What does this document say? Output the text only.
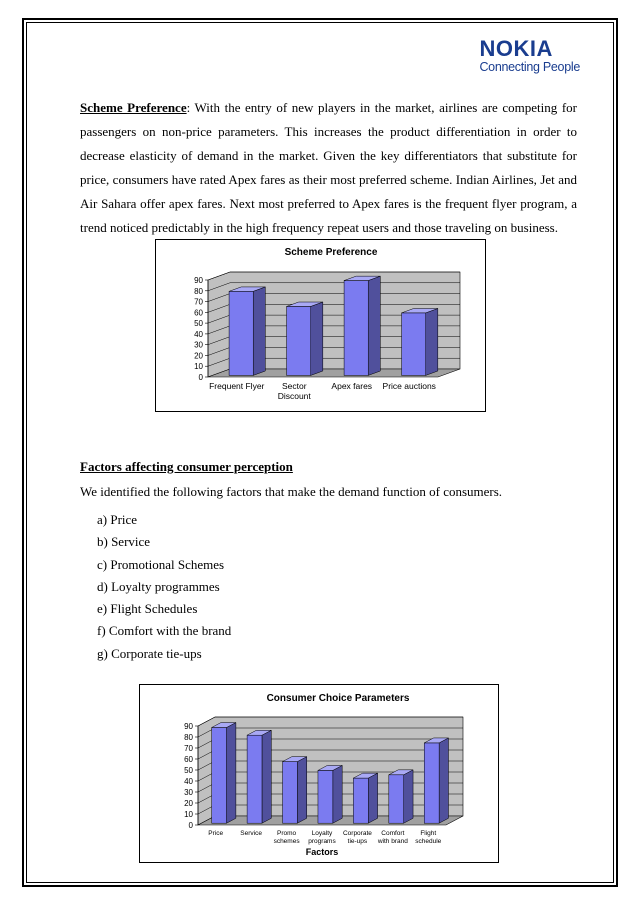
NOKIA
Connecting People
Scheme Preference: With the entry of new players in the market, airlines are competing for passengers on non-price parameters. This increases the product differentiation in order to decrease elasticity of demand in the market. Given the key differentiators that substitute for price, consumers have rated Apex fares as their most preferred scheme. Indian Airlines, Jet and Air Sahara offer apex fares. Next most preferred to Apex fares is the frequent flyer program, a trend noticed predictably in the high frequency repeat users and those traveling on business.
Scheme Preference
0
10
20
30
40
50
60
70
80
90
Frequent Flyer	Sector Discount
Apex fares Price auctions
Factors affecting consumer perception
We identified the following factors that make the demand function of consumers.
a) Price
b) Service
c) Promotional Schemes
d) Loyalty programmes
e) Flight Schedules
f) Comfort with the brand
g) Corporate tie-ups
Consumer Choice Parameters
0
10
20
30
40
50
60
70
80
90
Price	Service	Promo schemes
Loyalty programs
Corporate tie-ups
Comfort with brand
Flight schedule
Factors
